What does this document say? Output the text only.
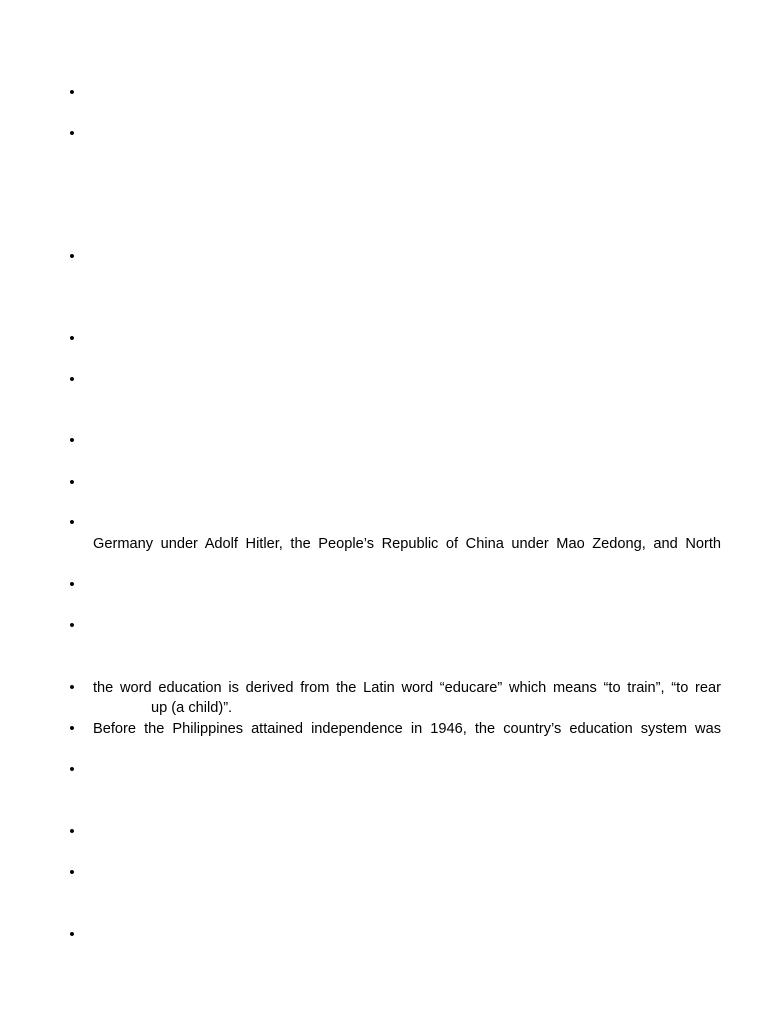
•
•
•
•
•
•
•
•
Germany under Adolf Hitler, the People’s Republic of China under Mao Zedong, and North
•
•
• the word education is derived from the Latin word “educare” which means “to train”, “to rear
up (a child)”.
• Before the Philippines attained independence in 1946, the country’s education system was
•
•
•
•
